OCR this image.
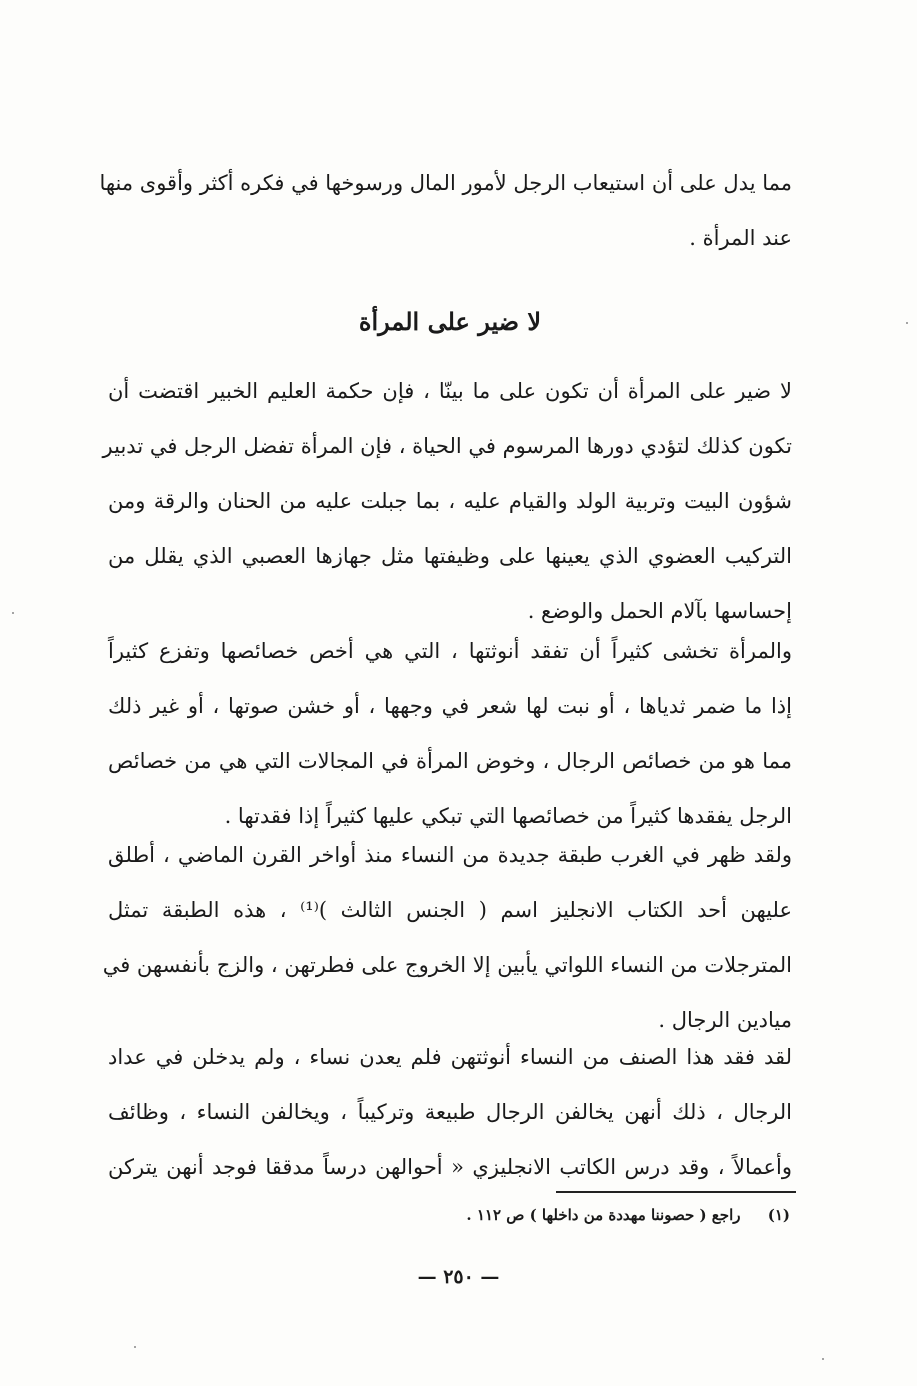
مما يدل على أن استيعاب الرجل لأمور المال ورسوخها في فكره أكثر وأقوى منها
عند المرأة .
لا ضير على المرأة
لا ضير على المرأة أن تكون على ما بينّا ، فإن حكمة العليم الخبير اقتضت أن
تكون كذلك لتؤدي دورها المرسوم في الحياة ، فإن المرأة تفضل الرجل في تدبير
شؤون البيت وتربية الولد والقيام عليه ، بما جبلت عليه من الحنان والرقة ومن
التركيب العضوي الذي يعينها على وظيفتها مثل جهازها العصبي الذي يقلل من
إحساسها بآلام الحمل والوضع .
والمرأة تخشى كثيراً أن تفقد أنوثتها ، التي هي أخص خصائصها وتفزع كثيراً
إذا ما ضمر ثدياها ، أو نبت لها شعر في وجهها ، أو خشن صوتها ، أو غير ذلك
مما هو من خصائص الرجال ، وخوض المرأة في المجالات التي هي من خصائص
الرجل يفقدها كثيراً من خصائصها التي تبكي عليها كثيراً إذا فقدتها .
ولقد ظهر في الغرب طبقة جديدة من النساء منذ أواخر القرن الماضي ، أطلق
عليهن أحد الكتاب الانجليز اسم ( الجنس الثالث )⁽¹⁾ ، هذه الطبقة تمثل
المترجلات من النساء اللواتي يأبين إلا الخروج على فطرتهن ، والزج بأنفسهن في
ميادين الرجال .
لقد فقد هذا الصنف من النساء أنوثتهن فلم يعدن نساء ، ولم يدخلن في عداد
الرجال ، ذلك أنهن يخالفن الرجال طبيعة وتركيباً ، ويخالفن النساء ، وظائف
وأعمالاً ، وقد درس الكاتب الانجليزي « أحوالهن درساً مدققا فوجد أنهن يتركن
(١) راجع ( حصوننا مهددة من داخلها ) ص ١١٢ .
— ٢٥٠ —
